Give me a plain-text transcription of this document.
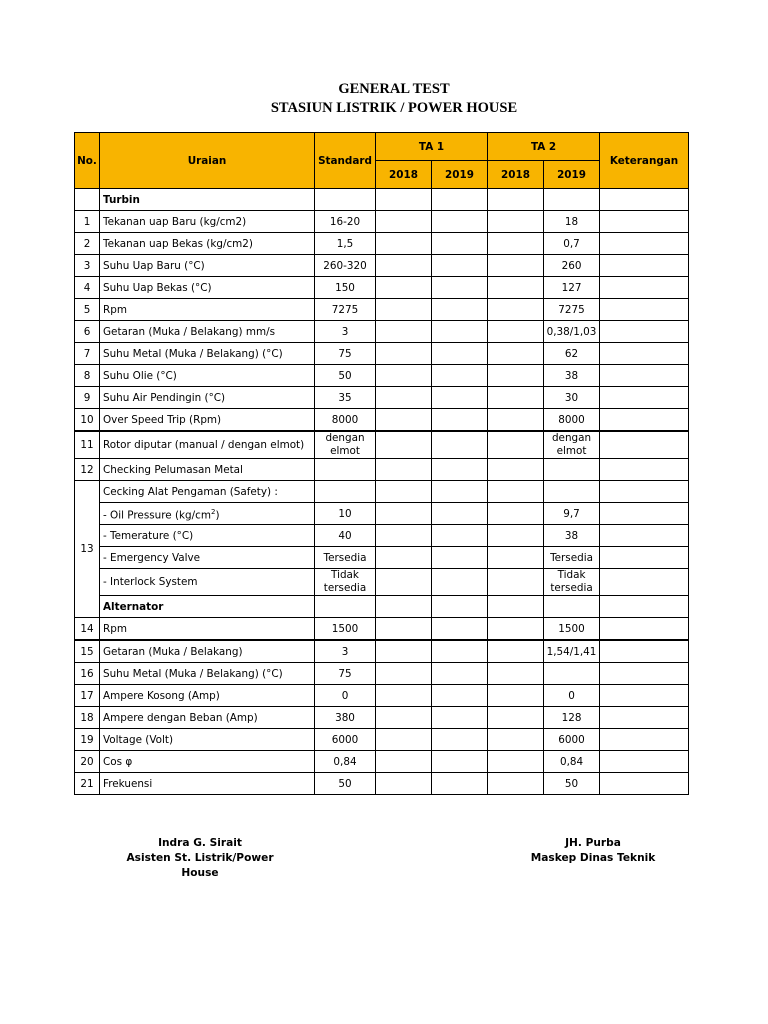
GENERAL TEST
STASIUN LISTRIK / POWER HOUSE
No.	Uraian	Standard	TA 1		TA 2		Keterangan
			2018	2019	2018	2019	
	Turbin						
1	Tekanan uap Baru (kg/cm2)	16-20				18	
2	Tekanan uap Bekas (kg/cm2)	1,5				0,7	
3	Suhu Uap Baru (°C)	260-320				260	
4	Suhu Uap Bekas (°C)	150				127	
5	Rpm	7275				7275	
6	Getaran (Muka / Belakang) mm/s	3				0,38/1,03	
7	Suhu Metal (Muka / Belakang) (°C)	75				62	
8	Suhu Olie (°C)	50				38	
9	Suhu Air Pendingin (°C)	35				30	
10	Over Speed Trip (Rpm)	8000				8000	
11	Rotor diputar (manual / dengan elmot)	dengan elmot				dengan elmot	
12	Checking Pelumasan Metal						
13	Cecking Alat Pengaman (Safety) :						
	- Oil Pressure $(kg/cm^2)$	10				9,7	
	- Temerature (°C)	40				38	
	- Emergency Valve	Tersedia				Tersedia	
	- Interlock System	Tidak tersedia				Tidak tersedia	
	Alternator						
14	Rpm	1500				1500	
15	Getaran (Muka / Belakang)	3				1,54/1,41	
16	Suhu Metal (Muka / Belakang) (°C)	75					
17	Ampere Kosong (Amp)	0				0	
18	Ampere dengan Beban (Amp)	380				128	
19	Voltage (Volt)	6000				6000	
20	Cos φ	0,84				0,84	
21	Frekuensi	50				50	
Indra G. Sirait
Asisten St. Listrik/Power House
JH. Purba
Maskep Dinas Teknik
